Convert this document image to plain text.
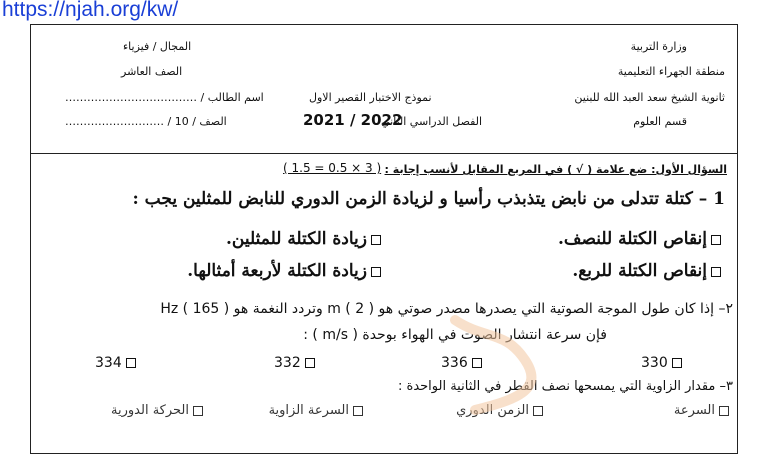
https://njah.org/kw/
وزارة التربية
منطقة الجهراء التعليمية
ثانوية الشيخ سعد العبد الله للبنين
قسم العلوم
نموذج الاختبار القصير الاول
الفصل الدراسي الثاني
2021 / 2022
المجال / فيزياء
الصف العاشر
اسم الطالب / ………………………………
الصف / 10 / ………………………
السؤال الأول: ضع علامة ( √ ) في المربع المقابل لأنسب إجابة :
( 1.5 = 0.5 × 3 )
1 – كتلة تتدلى من نابض يتذبذب رأسيا و لزيادة الزمن الدوري للنابض للمثلين يجب :
إنقاص الكتلة للنصف.
زيادة الكتلة للمثلين.
إنقاص الكتلة للربع.
زيادة الكتلة لأربعة أمثالها.
٢– إذا كان طول الموجة الصوتية التي يصدرها مصدر صوتي هو m ( 2 ) وتردد النغمة هو Hz ( 165 )
فإن سرعة انتشار الصوت في الهواء بوحدة ( m/s ) :
330
336
332
334
٣– مقدار الزاوية التي يمسحها نصف القطر في الثانية الواحدة :
السرعة
الزمن الدوري
السرعة الزاوية
الحركة الدورية
